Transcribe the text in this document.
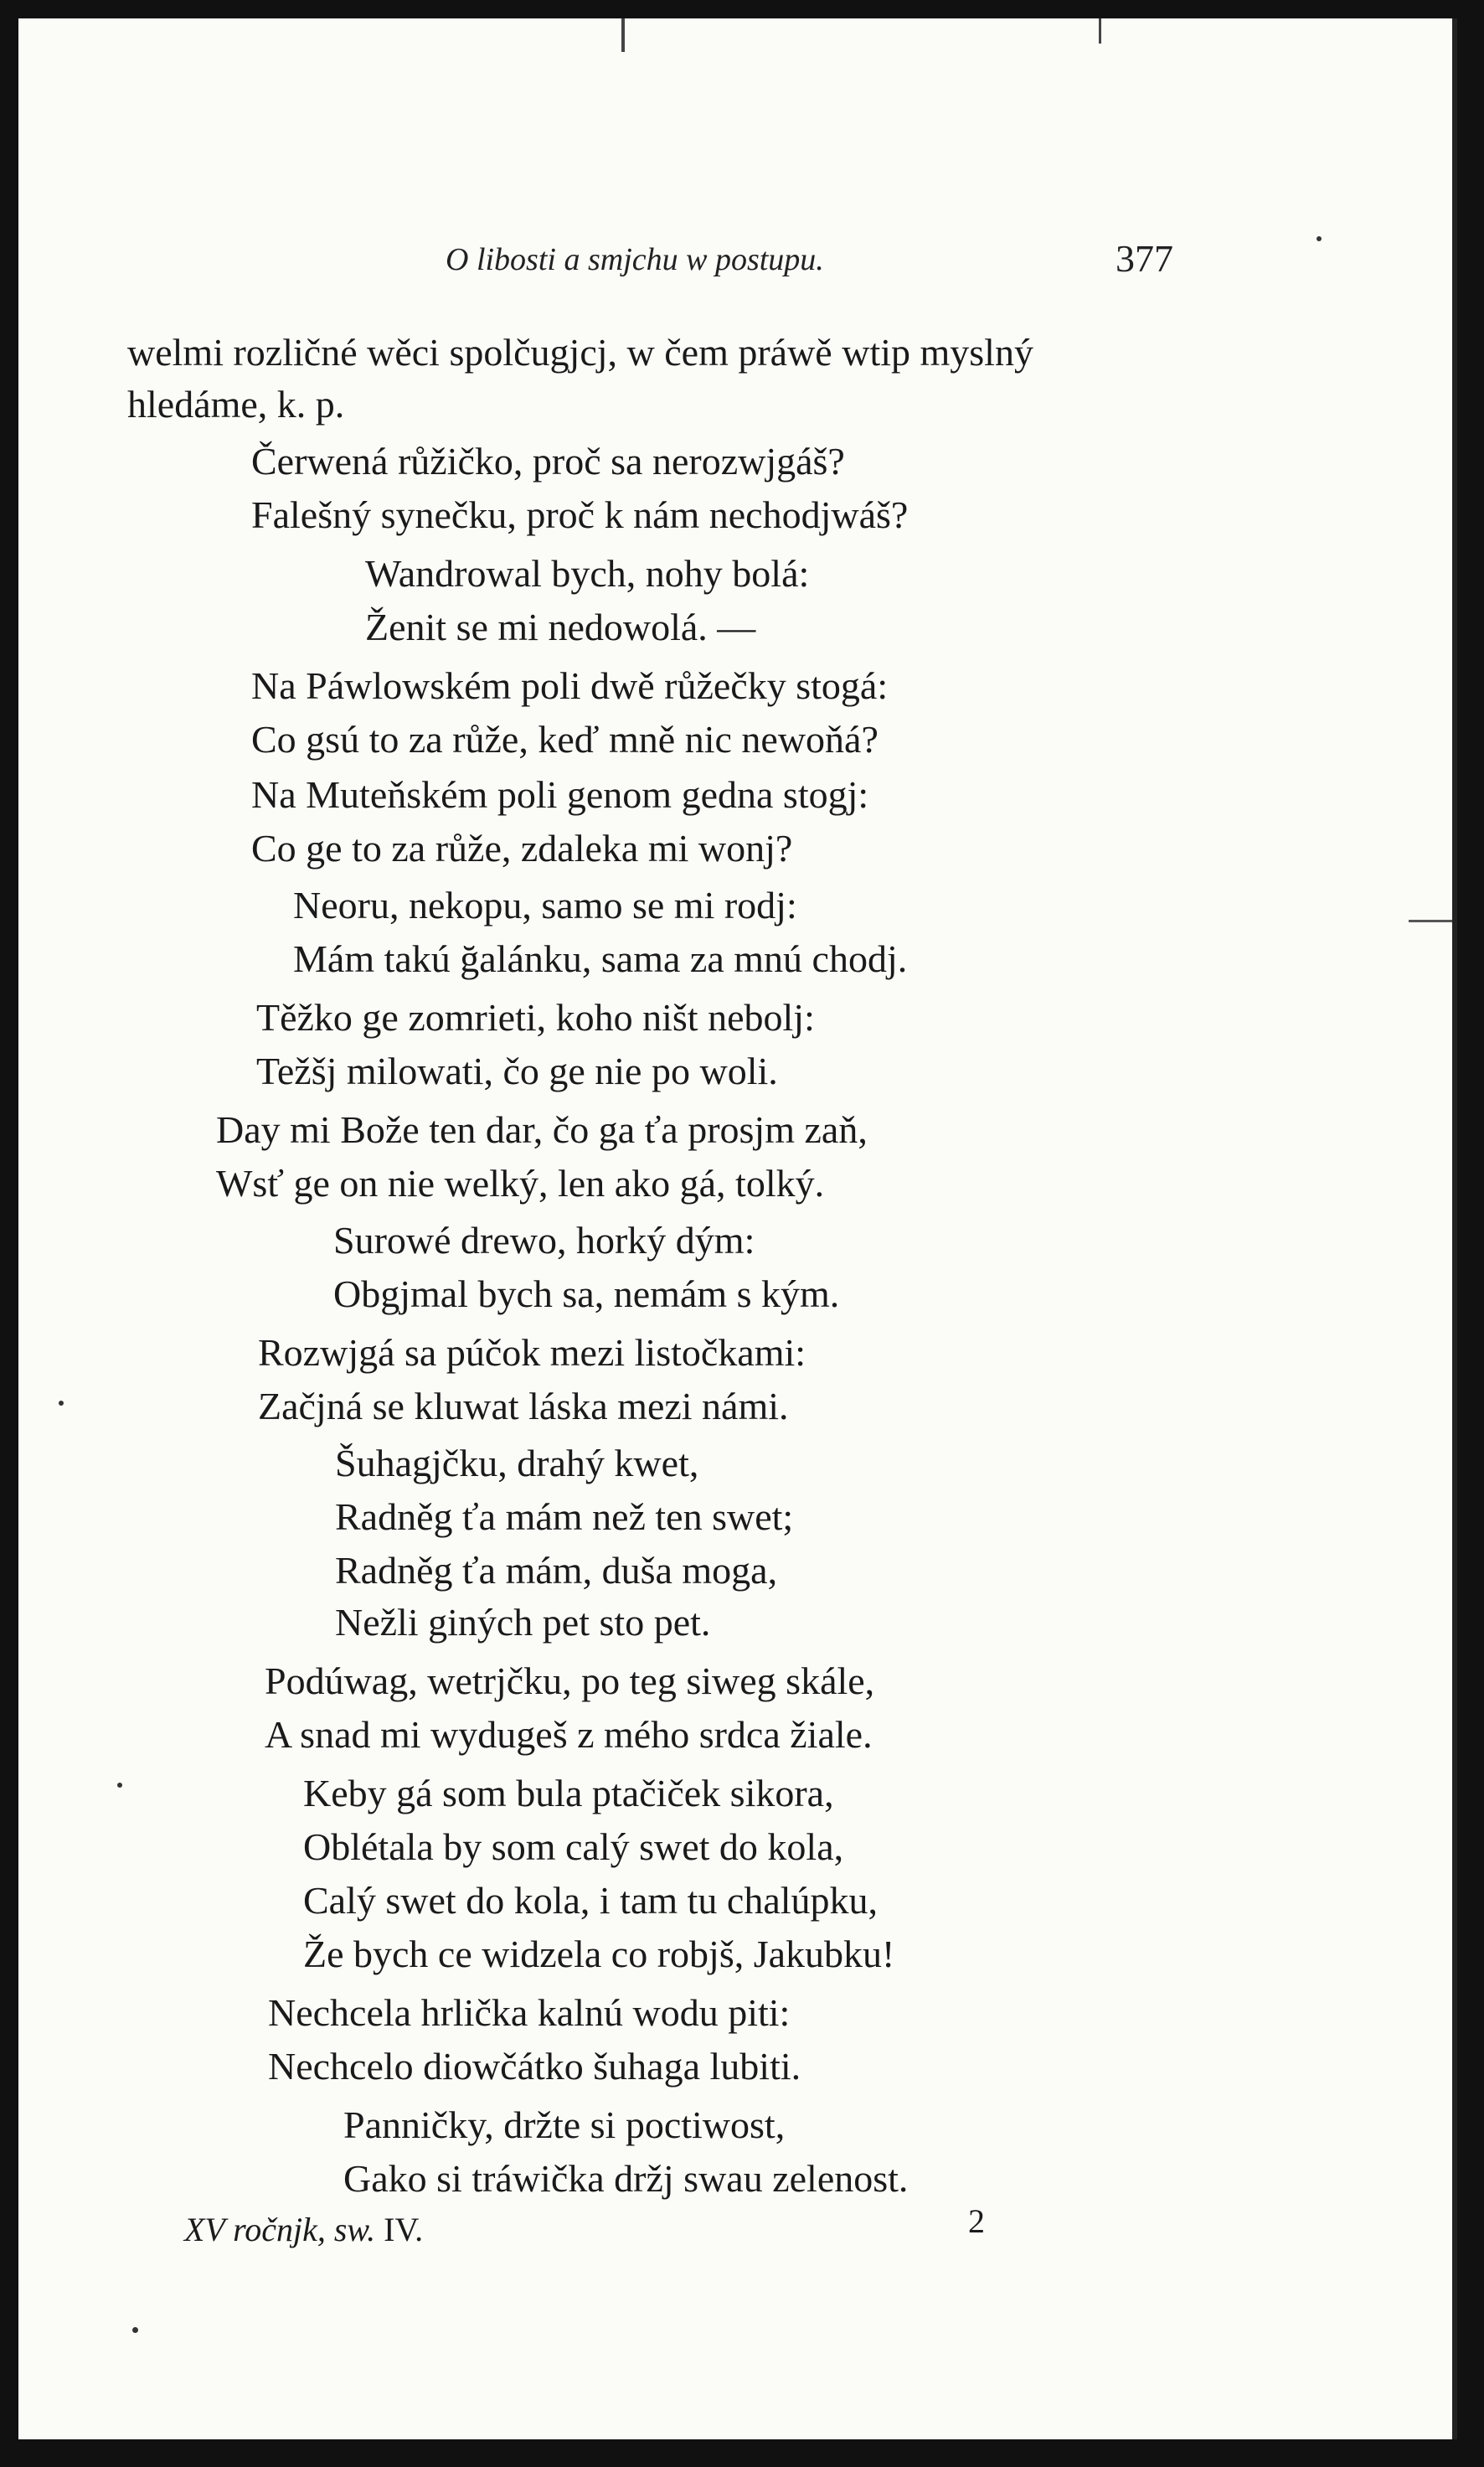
O libosti a smjchu w postupu.	377
welmi rozličné wěci spolčugjcj, w čem práwě wtip myslný
hledáme, k. p.
Čerwená růžičko, proč sa nerozwjgáš?
Falešný synečku, proč k nám nechodjwáš?
Wandrowal bych, nohy bolá:
Ženit se mi nedowolá. —
Na Páwlowském poli dwě růžečky stogá:
Co gsú to za růže, keď mně nic newoňá?
Na Muteňském poli genom gedna stogj:
Co ge to za růže, zdaleka mi wonj?
Neoru, nekopu, samo se mi rodj:
Mám takú ğalánku, sama za mnú chodj.
Těžko ge zomrieti, koho ništ nebolj:
Težšj milowati, čo ge nie po woli.
Day mi Bože ten dar, čo ga ťa prosjm zaň,
Wsť ge on nie welký, len ako gá, tolký.
Surowé drewo, horký dým:
Obgjmal bych sa, nemám s kým.
Rozwjgá sa púčok mezi listočkami:
Začjná se kluwat láska mezi námi.
Šuhagjčku, drahý kwet,
Radněg ťa mám než ten swet;
Radněg ťa mám, duša moga,
Nežli giných pet sto pet.
Podúwag, wetrjčku, po teg siweg skále,
A snad mi wydugeš z mého srdca žiale.
Keby gá som bula ptačiček sikora,
Oblétala by som calý swet do kola,
Calý swet do kola, i tam tu chalúpku,
Že bych ce widzela co robjš, Jakubku!
Nechcela hrlička kalnú wodu piti:
Nechcelo diowčátko šuhaga lubiti.
Panničky, držte si poctiwost,
Gako si tráwička držj swau zelenost.
XV ročnjk, sw. IV.	2
